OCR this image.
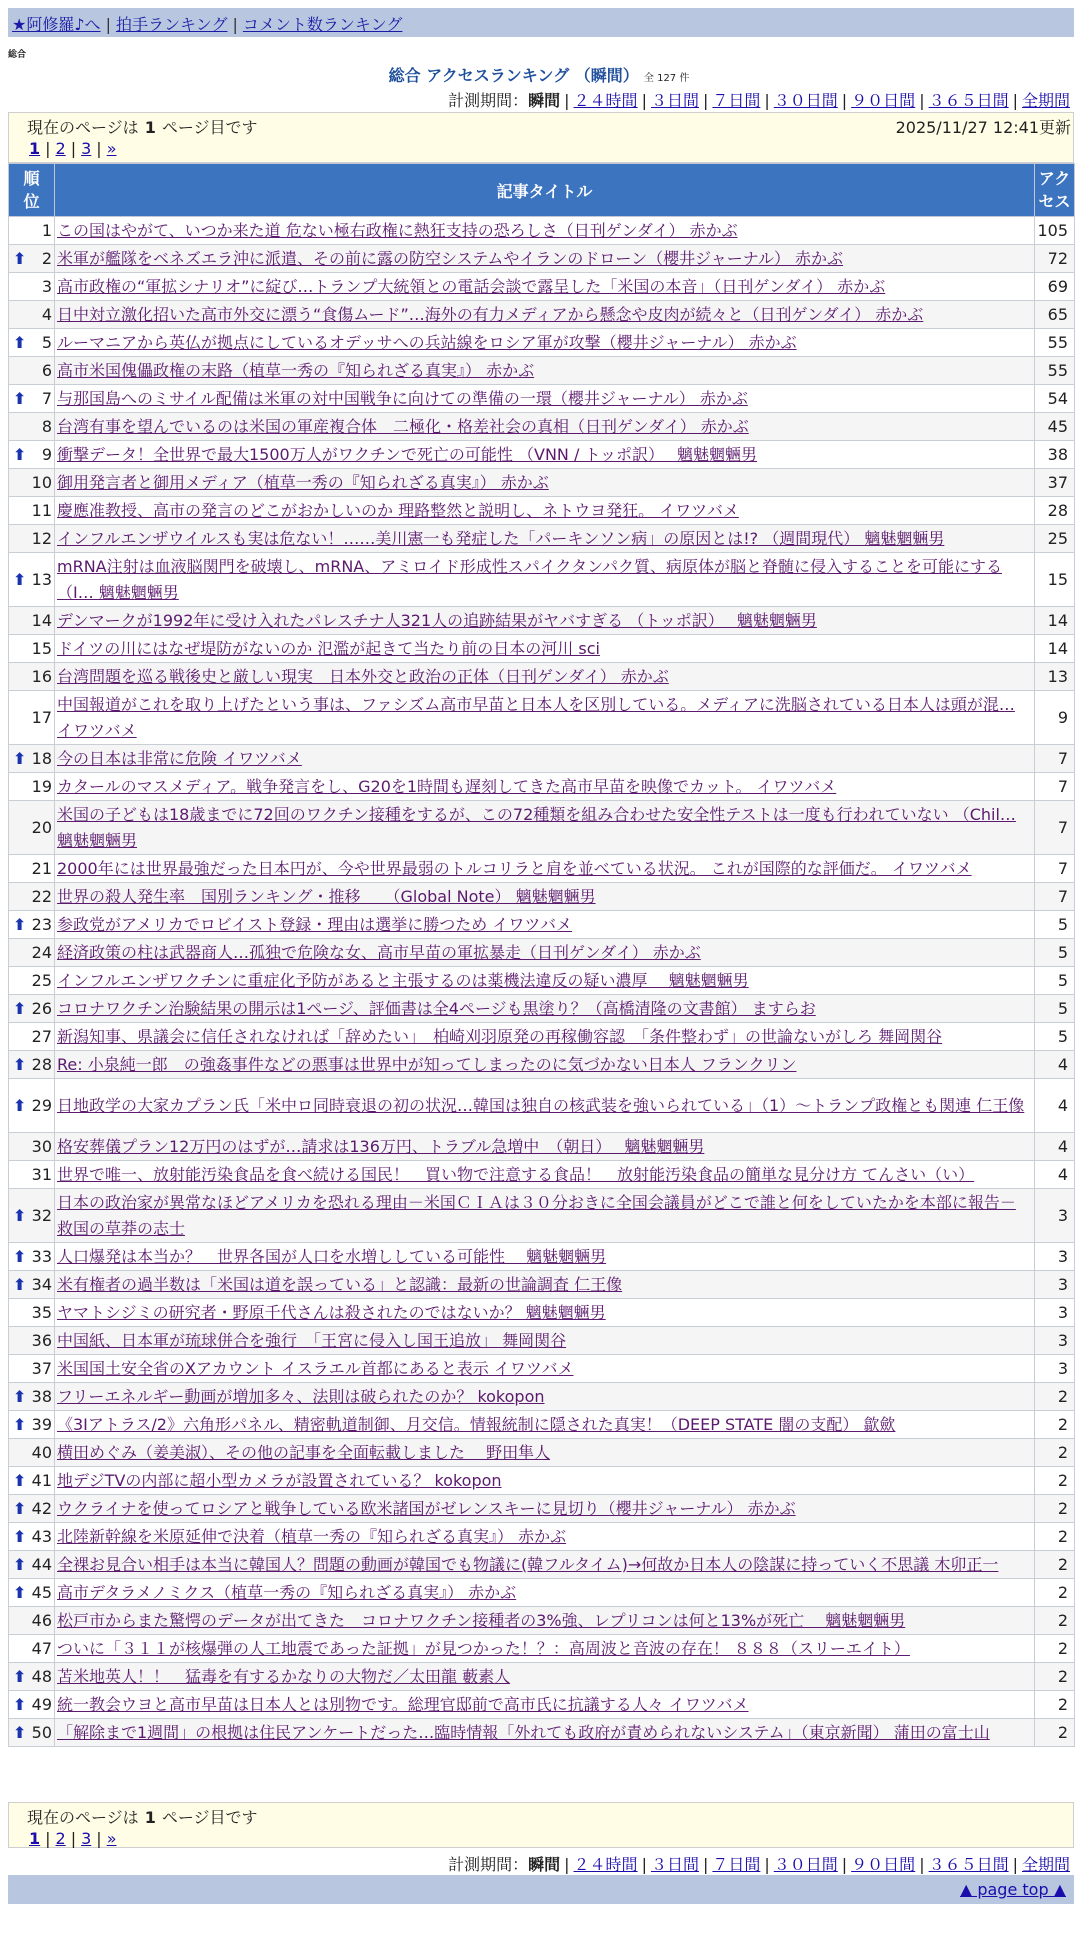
★阿修羅♪へ | 拍手ランキング | コメント数ランキング
総合
総合 アクセスランキング （瞬間） 全 127 件
計測期間：瞬間 | ２４時間 | ３日間 | ７日間 | ３０日間 | ９０日間 | ３６５日間 | 全期間
現在のページは 1 ページ目です	2025/11/27 12:41更新
1 | 2 | 3 | »
順位	記事タイトル	アクセス

1	この国はやがて、いつか来た道 危ない極右政権に熱狂支持の恐ろしさ（日刊ゲンダイ） 赤かぶ	105

⬆ 2	米軍が艦隊をベネズエラ沖に派遣、その前に露の防空システムやイランのドローン（櫻井ジャーナル） 赤かぶ	72
3	高市政権の“軍拡シナリオ”に綻び…トランプ大統領との電話会談で露呈した「米国の本音」（日刊ゲンダイ） 赤かぶ	69
4	日中対立激化招いた高市外交に漂う“食傷ムード”…海外の有力メディアから懸念や皮肉が続々と（日刊ゲンダイ） 赤かぶ	65

⬆ 5	ルーマニアから英仏が拠点にしているオデッサへの兵站線をロシア軍が攻撃（櫻井ジャーナル） 赤かぶ	55
6	高市米国傀儡政権の末路（植草一秀の『知られざる真実』） 赤かぶ	55

⬆ 7	与那国島へのミサイル配備は米軍の対中国戦争に向けての準備の一環（櫻井ジャーナル） 赤かぶ	54
8	台湾有事を望んでいるのは米国の軍産複合体　二極化・格差社会の真相（日刊ゲンダイ） 赤かぶ	45

⬆ 9	衝撃データ！全世界で最大1500万人がワクチンで死亡の可能性 （VNN / トッポ訳）　 魑魅魍魎男	38
10	御用発言者と御用メディア（植草一秀の『知られざる真実』） 赤かぶ	37
11	慶應准教授、高市の発言のどこがおかしいのか 理路整然と説明し、ネトウヨ発狂。 イワツバメ	28
12	インフルエンザウイルスも実は危ない！……美川憲一も発症した「パーキンソン病」の原因とは!? （週間現代） 魑魅魍魎男	25

⬆ 13	mRNA注射は血液脳関門を破壊し、mRNA、アミロイド形成性スパイクタンパク質、病原体が脳と脊髄に侵入することを可能にする（I… 魑魅魍魎男	15
14	デンマークが1992年に受け入れたパレスチナ人321人の追跡結果がヤバすぎる （トッポ訳）　 魑魅魍魎男	14
15	ドイツの川にはなぜ堤防がないのか 氾濫が起きて当たり前の日本の河川 sci	14
16	台湾問題を巡る戦後史と厳しい現実　日本外交と政治の正体（日刊ゲンダイ） 赤かぶ	13
17	中国報道がこれを取り上げたという事は、ファシズム高市早苗と日本人を区別している。メディアに洗脳されている日本人は頭が混… イワツバメ	9

⬆ 18	今の日本は非常に危険 イワツバメ	7
19	カタールのマスメディア。戦争発言をし、G20を1時間も遅刻してきた高市早苗を映像でカット。 イワツバメ	7
20	米国の子どもは18歳までに72回のワクチン接種をするが、この72種類を組み合わせた安全性テストは一度も行われていない （Chil… 魑魅魍魎男	7
21	2000年には世界最強だった日本円が、今や世界最弱のトルコリラと肩を並べている状況。 これが国際的な評価だ。 イワツバメ	7
22	世界の殺人発生率　国別ランキング・推移　　（Global Note） 魑魅魍魎男	7

⬆ 23	参政党がアメリカでロビイスト登録・理由は選挙に勝つため イワツバメ	5
24	経済政策の柱は武器商人…孤独で危険な女、高市早苗の軍拡暴走（日刊ゲンダイ） 赤かぶ	5
25	インフルエンザワクチンに重症化予防があると主張するのは薬機法違反の疑い濃厚　 魑魅魍魎男	5

⬆ 26	コロナワクチン治験結果の開示は1ページ、評価書は全4ページも黒塗り？（高橋清隆の文書館） ますらお	5
27	新潟知事、県議会に信任されなければ「辞めたい」　柏崎刈羽原発の再稼働容認　「条件整わず」の世論ないがしろ 舞岡関谷	5

⬆ 28	Re: 小泉純一郎　の強姦事件などの悪事は世界中が知ってしまったのに気づかない日本人 フランクリン	4

⬆ 29	日地政学の大家カプラン氏「米中ロ同時衰退の初の状況…韓国は独自の核武装を強いられている」（1）～トランプ政権とも関連 仁王像	4
30	格安葬儀プラン12万円のはずが…請求は136万円、トラブル急増中　（朝日）　 魑魅魍魎男	4
31	世界で唯一、放射能汚染食品を食べ続ける国民！　買い物で注意する食品！　放射能汚染食品の簡単な見分け方 てんさい（い）	4

⬆ 32	日本の政治家が異常なほどアメリカを恐れる理由－米国ＣＩＡは３０分おきに全国会議員がどこで誰と何をしていたかを本部に報告－ 救国の草莽の志士	3

⬆ 33	人口爆発は本当か？　世界各国が人口を水増ししている可能性　 魑魅魍魎男	3

⬆ 34	米有権者の過半数は「米国は道を誤っている」と認識：最新の世論調査 仁王像	3
35	ヤマトシジミの研究者・野原千代さんは殺されたのではないか？ 魑魅魍魎男	3
36	中国紙、日本軍が琉球併合を強行　「王宮に侵入し国王追放」 舞岡関谷	3
37	米国国土安全省のXアカウント イスラエル首都にあると表示 イワツバメ	3

⬆ 38	フリーエネルギー動画が増加多々、法則は破られたのか？ kokopon	2

⬆ 39	《3Iアトラス/2》六角形パネル、精密軌道制御、月交信。情報統制に隠された真実！（DEEP STATE 闇の支配） 歙歛	2
40	横田めぐみ（姜美淑）、その他の記事を全面転載しました　 野田隼人	2

⬆ 41	地デジTVの内部に超小型カメラが設置されている？ kokopon	2

⬆ 42	ウクライナを使ってロシアと戦争している欧米諸国がゼレンスキーに見切り（櫻井ジャーナル） 赤かぶ	2

⬆ 43	北陸新幹線を米原延伸で決着（植草一秀の『知られざる真実』） 赤かぶ	2

⬆ 44	全裸お見合い相手は本当に韓国人？問題の動画が韓国でも物議に(韓フルタイム)→何故か日本人の陰謀に持っていく不思議 木卯正一	2

⬆ 45	高市デタラメノミクス（植草一秀の『知られざる真実』） 赤かぶ	2
46	松戸市からまた驚愕のデータが出てきた　コロナワクチン接種者の3%強、レプリコンは何と13%が死亡　 魑魅魍魎男	2
47	ついに「３１１が核爆弾の人工地震であった証拠」が見つかった！？：高周波と音波の存在！ ８８８（スリーエイト）	2

⬆ 48	苫米地英人！！　猛毒を有するかなりの大物だ／太田龍 藪素人	2

⬆ 49	統一教会ウヨと高市早苗は日本人とは別物です。総理官邸前で高市氏に抗議する人々 イワツバメ	2

⬆ 50	「解除まで1週間」の根拠は住民アンケートだった…臨時情報「外れても政府が責められないシステム」（東京新聞） 蒲田の富士山	2
現在のページは 1 ページ目です
1 | 2 | 3 | »
計測期間：瞬間 | ２４時間 | ３日間 | ７日間 | ３０日間 | ９０日間 | ３６５日間 | 全期間
▲ page top ▲
